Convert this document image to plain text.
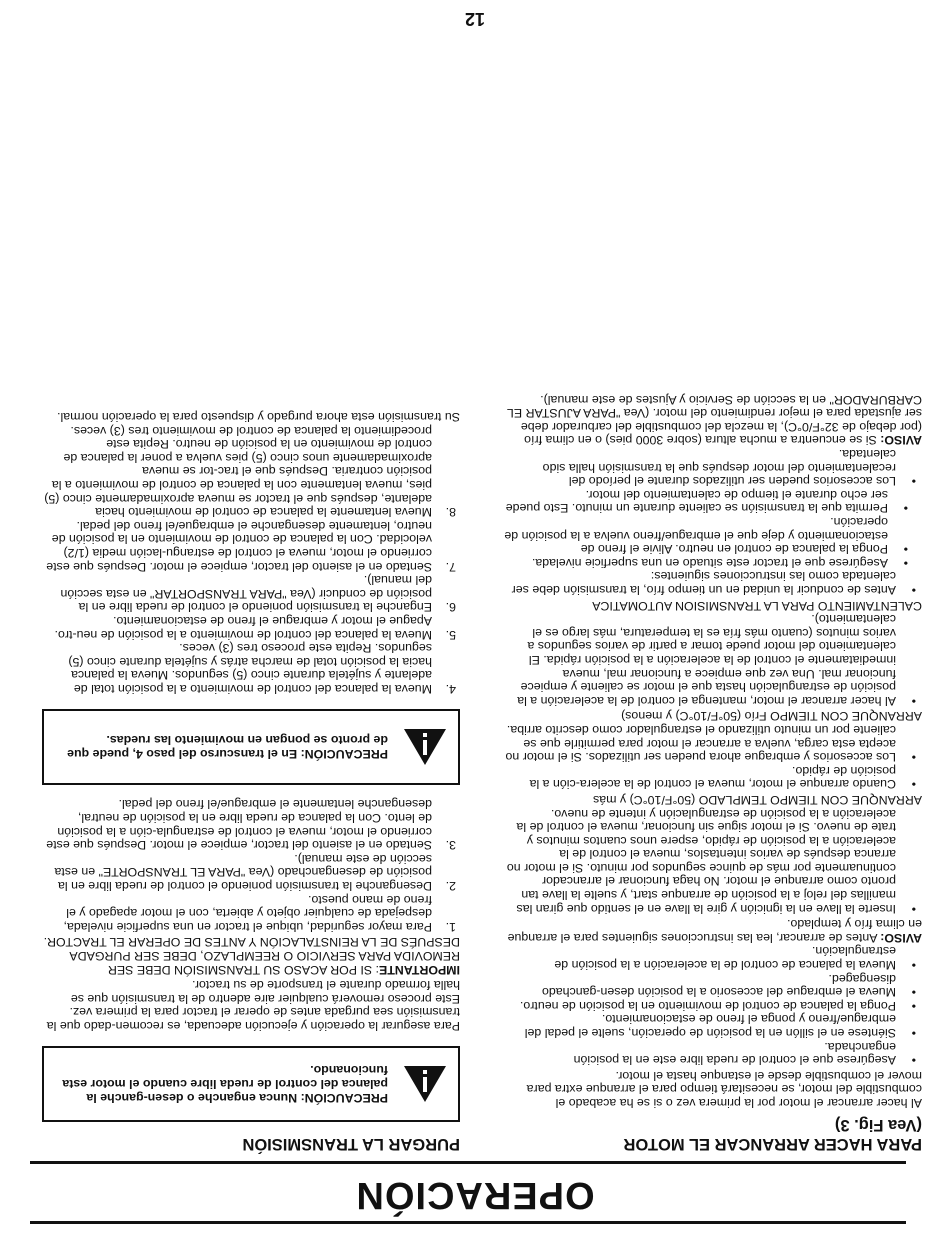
OPERACIÓN
PARA HACER ARRANCAR EL MOTOR
(Vea Fig. 3)

Al hacer arrancar el motor por la primera vez o si se ha acabado el combustible del motor, se necesitará tiempo para el arranque extra para mover el combustible desde el estanque hasta el motor.

•
Asegúrese que el control de rueda libre este en la posición enganchada.
•
Siéntese en el sillón en la posición de operación, suelte el pedal del embrague/freno y ponga el freno de estacionamiento.
•
Ponga la palanca de control de movimiento en la posición de neutro.
•
Mueva el embrague del accesorio a la posición desen-ganchado disengaged.
•
Mueva la palanca de control de la aceleración a la posición de estrangulación.

AVISO: Antes de arrancar, lea las instrucciones siguientes para el arranque en clima frío y templado.

•
Inserte la llave en la ignición y gire la llave en el sentido que giran las manillas del reloj a la posición de arranque start, y suelte la llave tan pronto como arranque el motor. No haga funcionar el arrancador continuamente por más de quince segundos por minuto. Si el motor no arranca después de varios intentaslos, mueva el control de la aceleración a la posición de rápido, espere unos cuantos minutos y trate de nuevo. Si el motor sigue sin funcionar, mueva el control de la aceleración a la posición de estrangulación y intente de nuevo.

ARRANQUE CON TIEMPO TEMPLADO (50°F/10°C) y más

•
Cuando arranque el motor, mueva el control de la acelera-ción a la posición de rápido.
•
Los accesorios y embrague ahora pueden ser utilizados. Si el motor no acepta esta carga, vuelva a arrancar el motor para permitirle que se caliente por un minuto utilizando el estrangulador como descrito arriba.

ARRANQUE CON TIEMPO Frío (50°F/10°C) y menos)

•
Al hacer arrancar el motor, mantenga el control de la aceleración a la posición de estrangulación hasta que el motor se caliente y empiece funcionar mal. Una vez que empiece a funcionar mal, mueva inmediatamente el control de la aceleración a la posición rápida. El calentamiento del motor puede tomar a partir de varios segundos a varios minutos (cuanto más fría es la temperatura, más largo es el calentamiento).

CALENTAMIENTO PARA LA TRANSMISION AUTOMATICA

•
Antes de conducir la unidad en un tiempo frío, la transmisión debe ser calentada como las instrucciones siguientes:
•
Asegúrese que el tractor este situado en una superficie nivelada.
•
Ponga la palanca de control en neutro. Alivie el freno de estacionamiento y deje que el embrague/freno vuelva a la posición de operación.
•
Permita que la transmisión se caliente durante un minuto. Esto puede ser echo durante el tiempo de calentamiento del motor.
•
Los accesorios pueden ser utilizados durante el período del recalentamiento del motor después que la transmisión halla sido calentada.

AVISO: Si se encuentra a mucha altura (sobre 3000 pies) o en clima frío (por debajo de 32°F/0°C), la mezcla del combustible del carburador debe ser ajustada para el mejor rendimiento del motor. (Vea "PARA AJUSTAR EL CARBURADOR" en la sección de Servicio y Ajustes de este manual).

PURGAR LA TRANSMISIÓN
PRECAUCIÓN: Nunca enganche o desen-ganche la palanca del control de rueda libre cuando el motor esta funcionando.

Para asegurar la operación y ejecución adecuada, es recomen-dado que la transmisión sea purgada antes de operar el tractor para la primera vez. Este proceso removerá cualquier aire adentro de la transmisión que se halla formado durante el transporte de su tractor.

IMPORTANTE: SI POR ACASO SU TRANSMISIÓN DEBE SER REMOVIDA PARA SERVICIO O REEMPLAZO, DEBE SER PURGADA DESPUÉS DE LA REINSTALACIÓN Y ANTES DE OPERAR EL TRACTOR.

1.
Para mayor seguridad, ubique el tractor en una superficie nivelada, despejada de cualquier objeto y abierta, con el motor apagado y el freno de mano puesto.
2.
Desenganche la transmisión poniendo el control de rueda libre en la posición de desenganchado (Vea "PARA EL TRANSPORTE" en esta sección de este manual).
3.
Sentado en el asiento del tractor, empiece el motor. Después que este corriendo el motor, mueva el control de estrangula-ción a la posición de lento. Con la palanca de rueda libre en la posición de neutral, desenganche lentamente el embrague/el freno del pedal.
PRECAUCIÓN: En el transcurso del paso 4, puede que de pronto se pongan en movimiento las ruedas.
4.
Mueva la palanca del control de movimiento a la posición total de adelante y sujétela durante cinco (5) segundos. Mueva la palanca hacia la posición total de marcha atrás y sujétela durante cinco (5) segundos. Repita este proceso tres (3) veces.
5.
Mueva la palanca del control de movimiento a la posición de neu-tro. Apague el motor y embrague el freno de estacionamiento.
6.
Enganche la transmisión poniendo el control de rueda libre en la posición de conducir (Vea "PARA TRANSPORTAR" en esta sección del manual).
7.
Sentado en el asiento del tractor, empiece el motor. Después que este corriendo el motor, mueva el control de estrangu-lación media (1/2) velocidad. Con la palanca de control de movimiento en la posición de neutro, lentamente desenganche el embrague/el freno del pedal.
8.
Mueva lentamente la palanca de control de movimiento hacia adelante, después que el tractor se mueva aproximadamente cinco (5) pies, mueva lentamente con la palanca de control de movimiento a la posición contraria. Después que el trac-tor se mueva aproximadamente unos cinco (5) pies vuelva a poner la palanca de control de movimiento en la posición de neutro. Repita este procedimiento la palanca de control de movimiento tres (3) veces.

Su transmisión esta ahora purgado y dispuesto para la operación normal.

12
